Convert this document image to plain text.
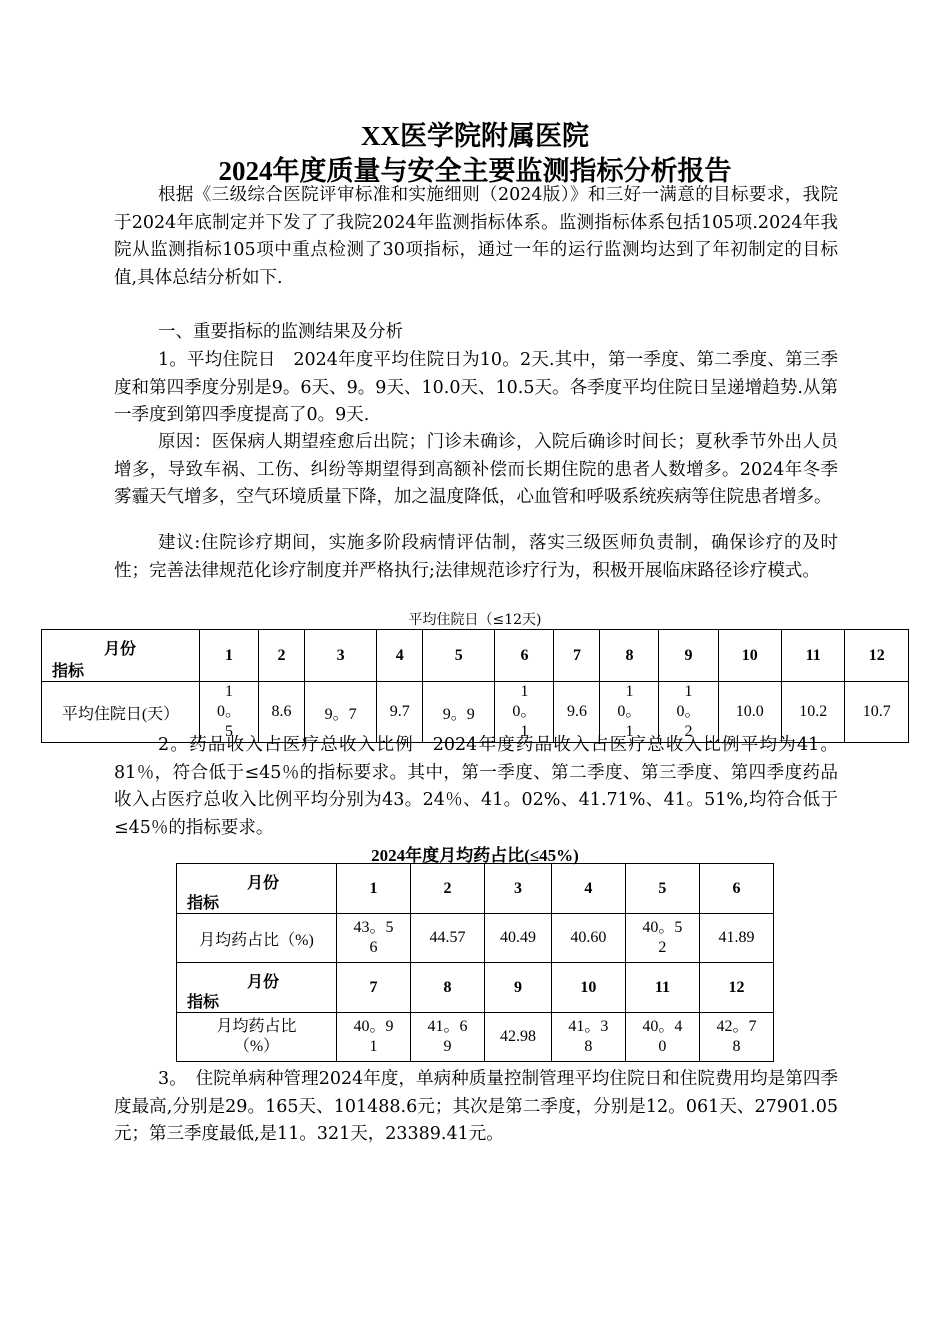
XX医学院附属医院
2024年度质量与安全主要监测指标分析报告

根据《三级综合医院评审标准和实施细则（2024版）》和三好一满意的目标要求，我院于2024年底制定并下发了了我院2024年监测指标体系。监测指标体系包括105项.2024年我院从监测指标105项中重点检测了30项指标，通过一年的运行监测均达到了年初制定的目标值,具体总结分析如下.

一、重要指标的监测结果及分析

1。平均住院日　2024年度平均住院日为10。2天.其中，第一季度、第二季度、第三季度和第四季度分别是9。6天、9。9天、10.0天、10.5天。各季度平均住院日呈递增趋势.从第一季度到第四季度提高了0。9天.

原因：医保病人期望痊愈后出院；门诊未确诊，入院后确诊时间长；夏秋季节外出人员增多，导致车祸、工伤、纠纷等期望得到高额补偿而长期住院的患者人数增多。2024年冬季雾霾天气增多，空气环境质量下降，加之温度降低，心血管和呼吸系统疾病等住院患者增多。

建议:住院诊疗期间，实施多阶段病情评估制，落实三级医师负责制，确保诊疗的及时性；完善法律规范化诊疗制度并严格执行;法律规范诊疗行为，积极开展临床路径诊疗模式。

平均住院日（≤12天)
月份
指标	1	2	3	4	5	6	7	8	9	10	11	12
平均住院日(天）	10。5	8.6	9。7	9.7	9。9	10。1	9.6	10。1	10。2	10.0	10.2	10.7

2。药品收入占医疗总收入比例　2024年度药品收入占医疗总收入比例平均为41。81％，符合低于≤45％的指标要求。其中，第一季度、第二季度、第三季度、第四季度药品收入占医疗总收入比例平均分别为43。24％、41。02%、41.71%、41。51%,均符合低于≤45％的指标要求。

2024年度月均药占比(≤45%)
月份
指标	1	2	3	4	5	6
月均药占比（%)	43。56	44.57	40.49	40.60	40。52	41.89

月份
指标	7	8	9	10	11	12
月均药占比（%）	40。91	41。69	42.98	41。38	40。40	42。78

3。　住院单病种管理2024年度，单病种质量控制管理平均住院日和住院费用均是第四季度最高,分别是29。165天、101488.6元；其次是第二季度，分别是12。061天、27901.05元；第三季度最低,是11。321天，23389.41元。
